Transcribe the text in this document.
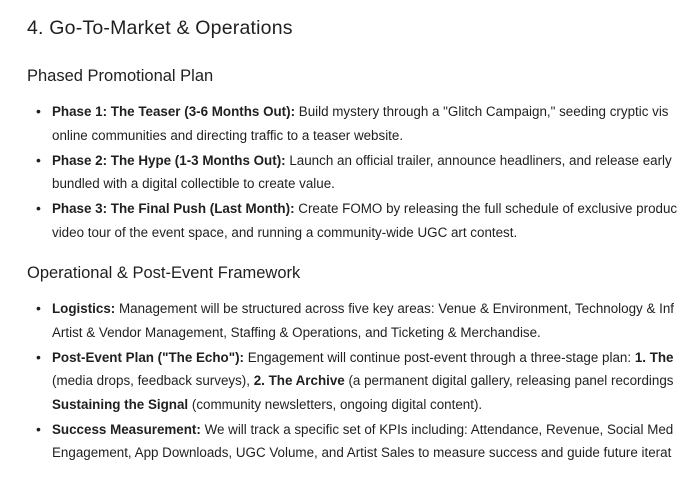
4. Go-To-Market & Operations
Phased Promotional Plan
• Phase 1: The Teaser (3-6 Months Out): Build mystery through a "Glitch Campaign," seeding cryptic vis
online communities and directing traffic to a teaser website.
• Phase 2: The Hype (1-3 Months Out): Launch an official trailer, announce headliners, and release early
bundled with a digital collectible to create value.
• Phase 3: The Final Push (Last Month): Create FOMO by releasing the full schedule of exclusive produc
video tour of the event space, and running a community-wide UGC art contest.
Operational & Post-Event Framework
• Logistics: Management will be structured across five key areas: Venue & Environment, Technology & Inf
Artist & Vendor Management, Staffing & Operations, and Ticketing & Merchandise.
• Post-Event Plan ("The Echo"): Engagement will continue post-event through a three-stage plan: 1. The
(media drops, feedback surveys), 2. The Archive (a permanent digital gallery, releasing panel recordings
Sustaining the Signal (community newsletters, ongoing digital content).
• Success Measurement: We will track a specific set of KPIs including: Attendance, Revenue, Social Med
Engagement, App Downloads, UGC Volume, and Artist Sales to measure success and guide future iterat
